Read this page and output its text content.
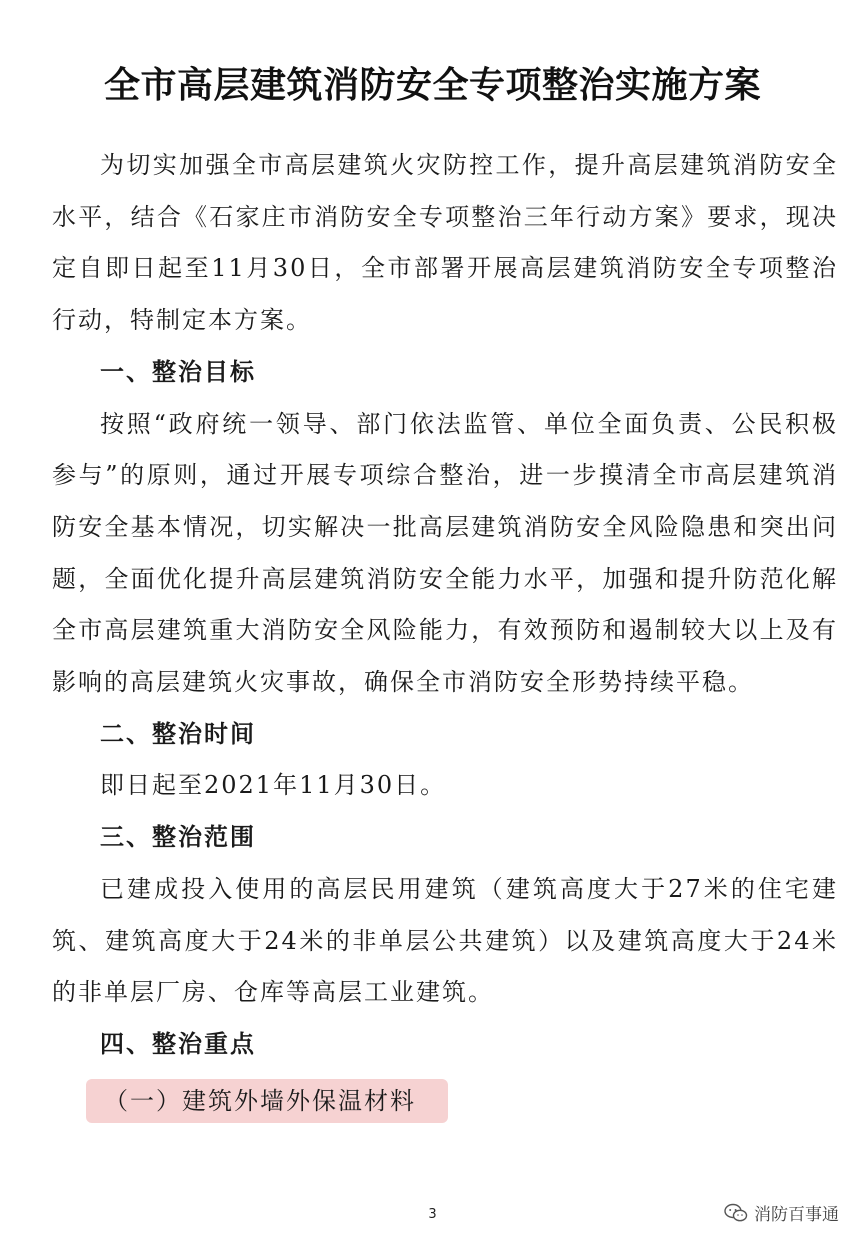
全市高层建筑消防安全专项整治实施方案

为切实加强全市高层建筑火灾防控工作，提升高层建筑消防安全水平，结合《石家庄市消防安全专项整治三年行动方案》要求，现决定自即日起至11月30日，全市部署开展高层建筑消防安全专项整治行动，特制定本方案。

一、整治目标

按照“政府统一领导、部门依法监管、单位全面负责、公民积极参与”的原则，通过开展专项综合整治，进一步摸清全市高层建筑消防安全基本情况，切实解决一批高层建筑消防安全风险隐患和突出问题，全面优化提升高层建筑消防安全能力水平，加强和提升防范化解全市高层建筑重大消防安全风险能力，有效预防和遏制较大以上及有影响的高层建筑火灾事故，确保全市消防安全形势持续平稳。

二、整治时间

即日起至2021年11月30日。

三、整治范围

已建成投入使用的高层民用建筑（建筑高度大于27米的住宅建筑、建筑高度大于24米的非单层公共建筑）以及建筑高度大于24米的非单层厂房、仓库等高层工业建筑。

四、整治重点
（一）建筑外墙外保温材料
3	消防百事通
